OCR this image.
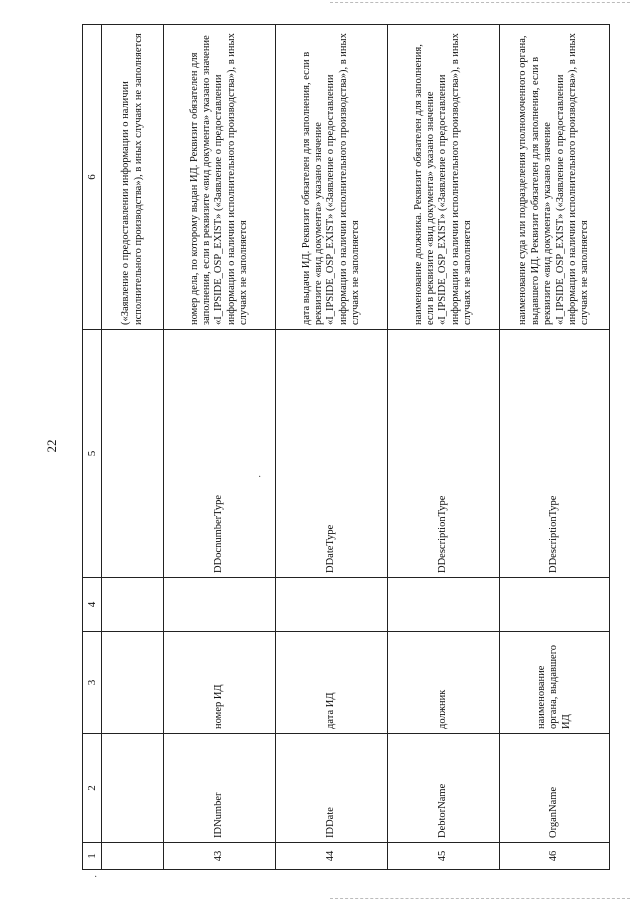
·
·
22
1	2	3	4	5	6
					(«Заявление о предоставлении информации о наличии исполнительного производства»), в иных случаях не заполняется
43	IDNumber	номер ИД		DDocnumberType	номер дела, по которому выдан ИД. Реквизит обязателен для заполнения, если в реквизите «вид документа» указано значение «I_IPSIDE_OSP_EXIST» («Заявление о предоставлении информации о наличии исполнительного производства»), в иных случаях не заполняется
44	IDDate	дата ИД		DDateType	дата выдачи ИД. Реквизит обязателен для заполнения, если в реквизите «вид документа» указано значение «I_IPSIDE_OSP_EXIST» («Заявление о предоставлении информации о наличии исполнительного производства»), в иных случаях не заполняется
45	DebtorName	должник		DDescriptionType	наименование должника. Реквизит обязателен для заполнения, если в реквизите «вид документа» указано значение «I_IPSIDE_OSP_EXIST» («Заявление о предоставлении информации о наличии исполнительного производства»), в иных случаях не заполняется
46	OrganName	наименование органа, выдавшего ИД		DDescriptionType	наименование суда или подразделения уполномоченного органа, выдавшего ИД. Реквизит обязателен для заполнения, если в реквизите «вид документа» указано значение «I_IPSIDE_OSP_EXIST» («Заявление о предоставлении информации о наличии исполнительного производства»), в иных случаях не заполняется
